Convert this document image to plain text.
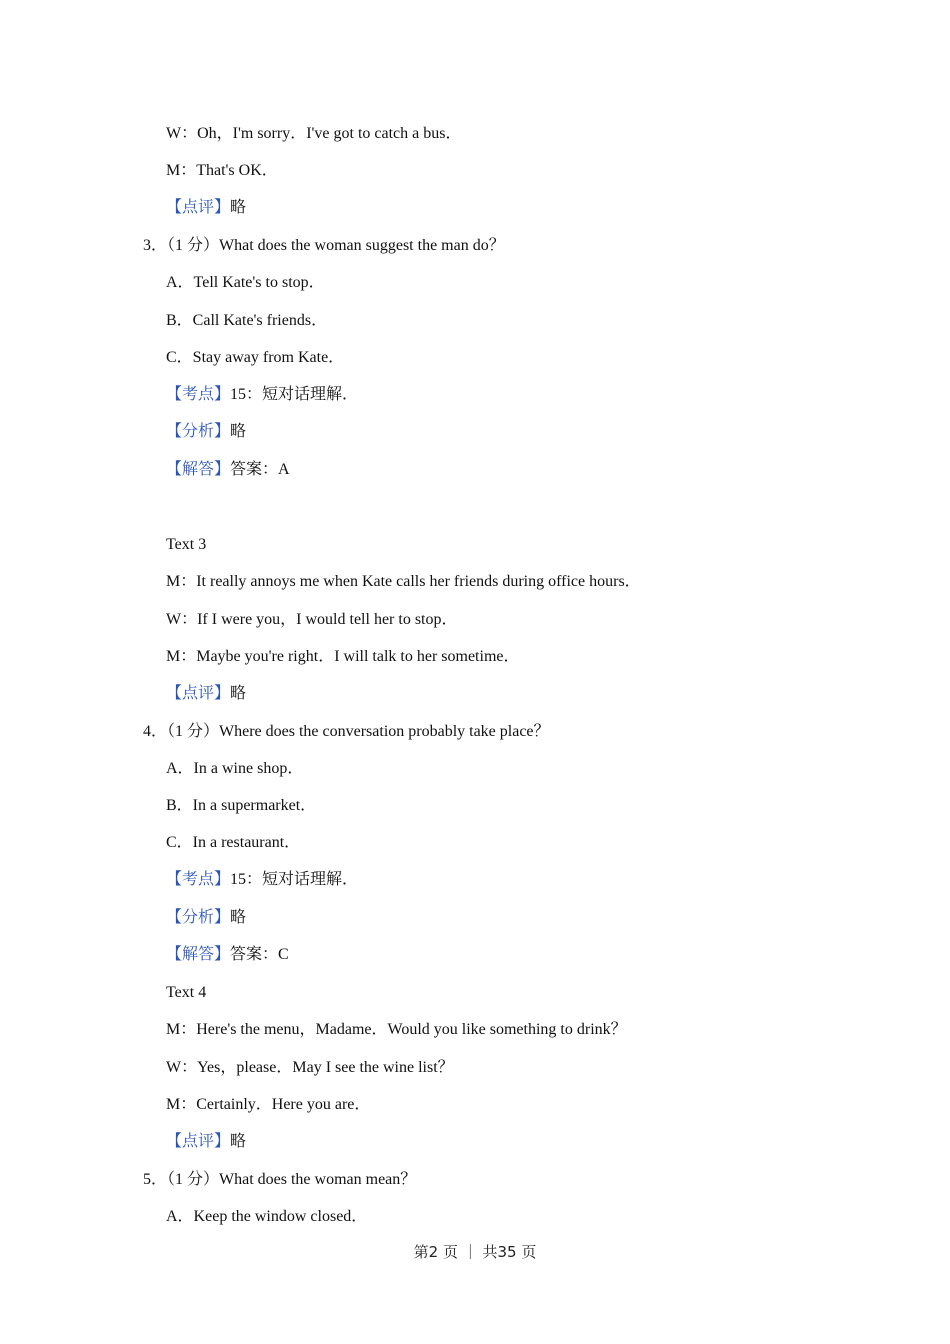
W：Oh，I'm sorry．I've got to catch a bus．
M：That's OK．
【点评】略
3．（1 分）What does the woman suggest the man do？
A．Tell Kate's to stop．
B．Call Kate's friends．
C．Stay away from Kate．
【考点】15：短对话理解．
【分析】略
【解答】答案：A
Text 3
M：It really annoys me when Kate calls her friends during office hours．
W：If I were you，I would tell her to stop．
M：Maybe you're right．I will talk to her sometime．
【点评】略
4．（1 分）Where does the conversation probably take place？
A．In a wine shop．
B．In a supermarket．
C．In a restaurant．
【考点】15：短对话理解．
【分析】略
【解答】答案：C
Text 4
M：Here's the menu，Madame．Would you like something to drink？
W：Yes，please．May I see the wine list？
M：Certainly．Here you are．
【点评】略
5．（1 分）What does the woman mean？
A．Keep the window closed．
第2 页 ｜ 共35 页
